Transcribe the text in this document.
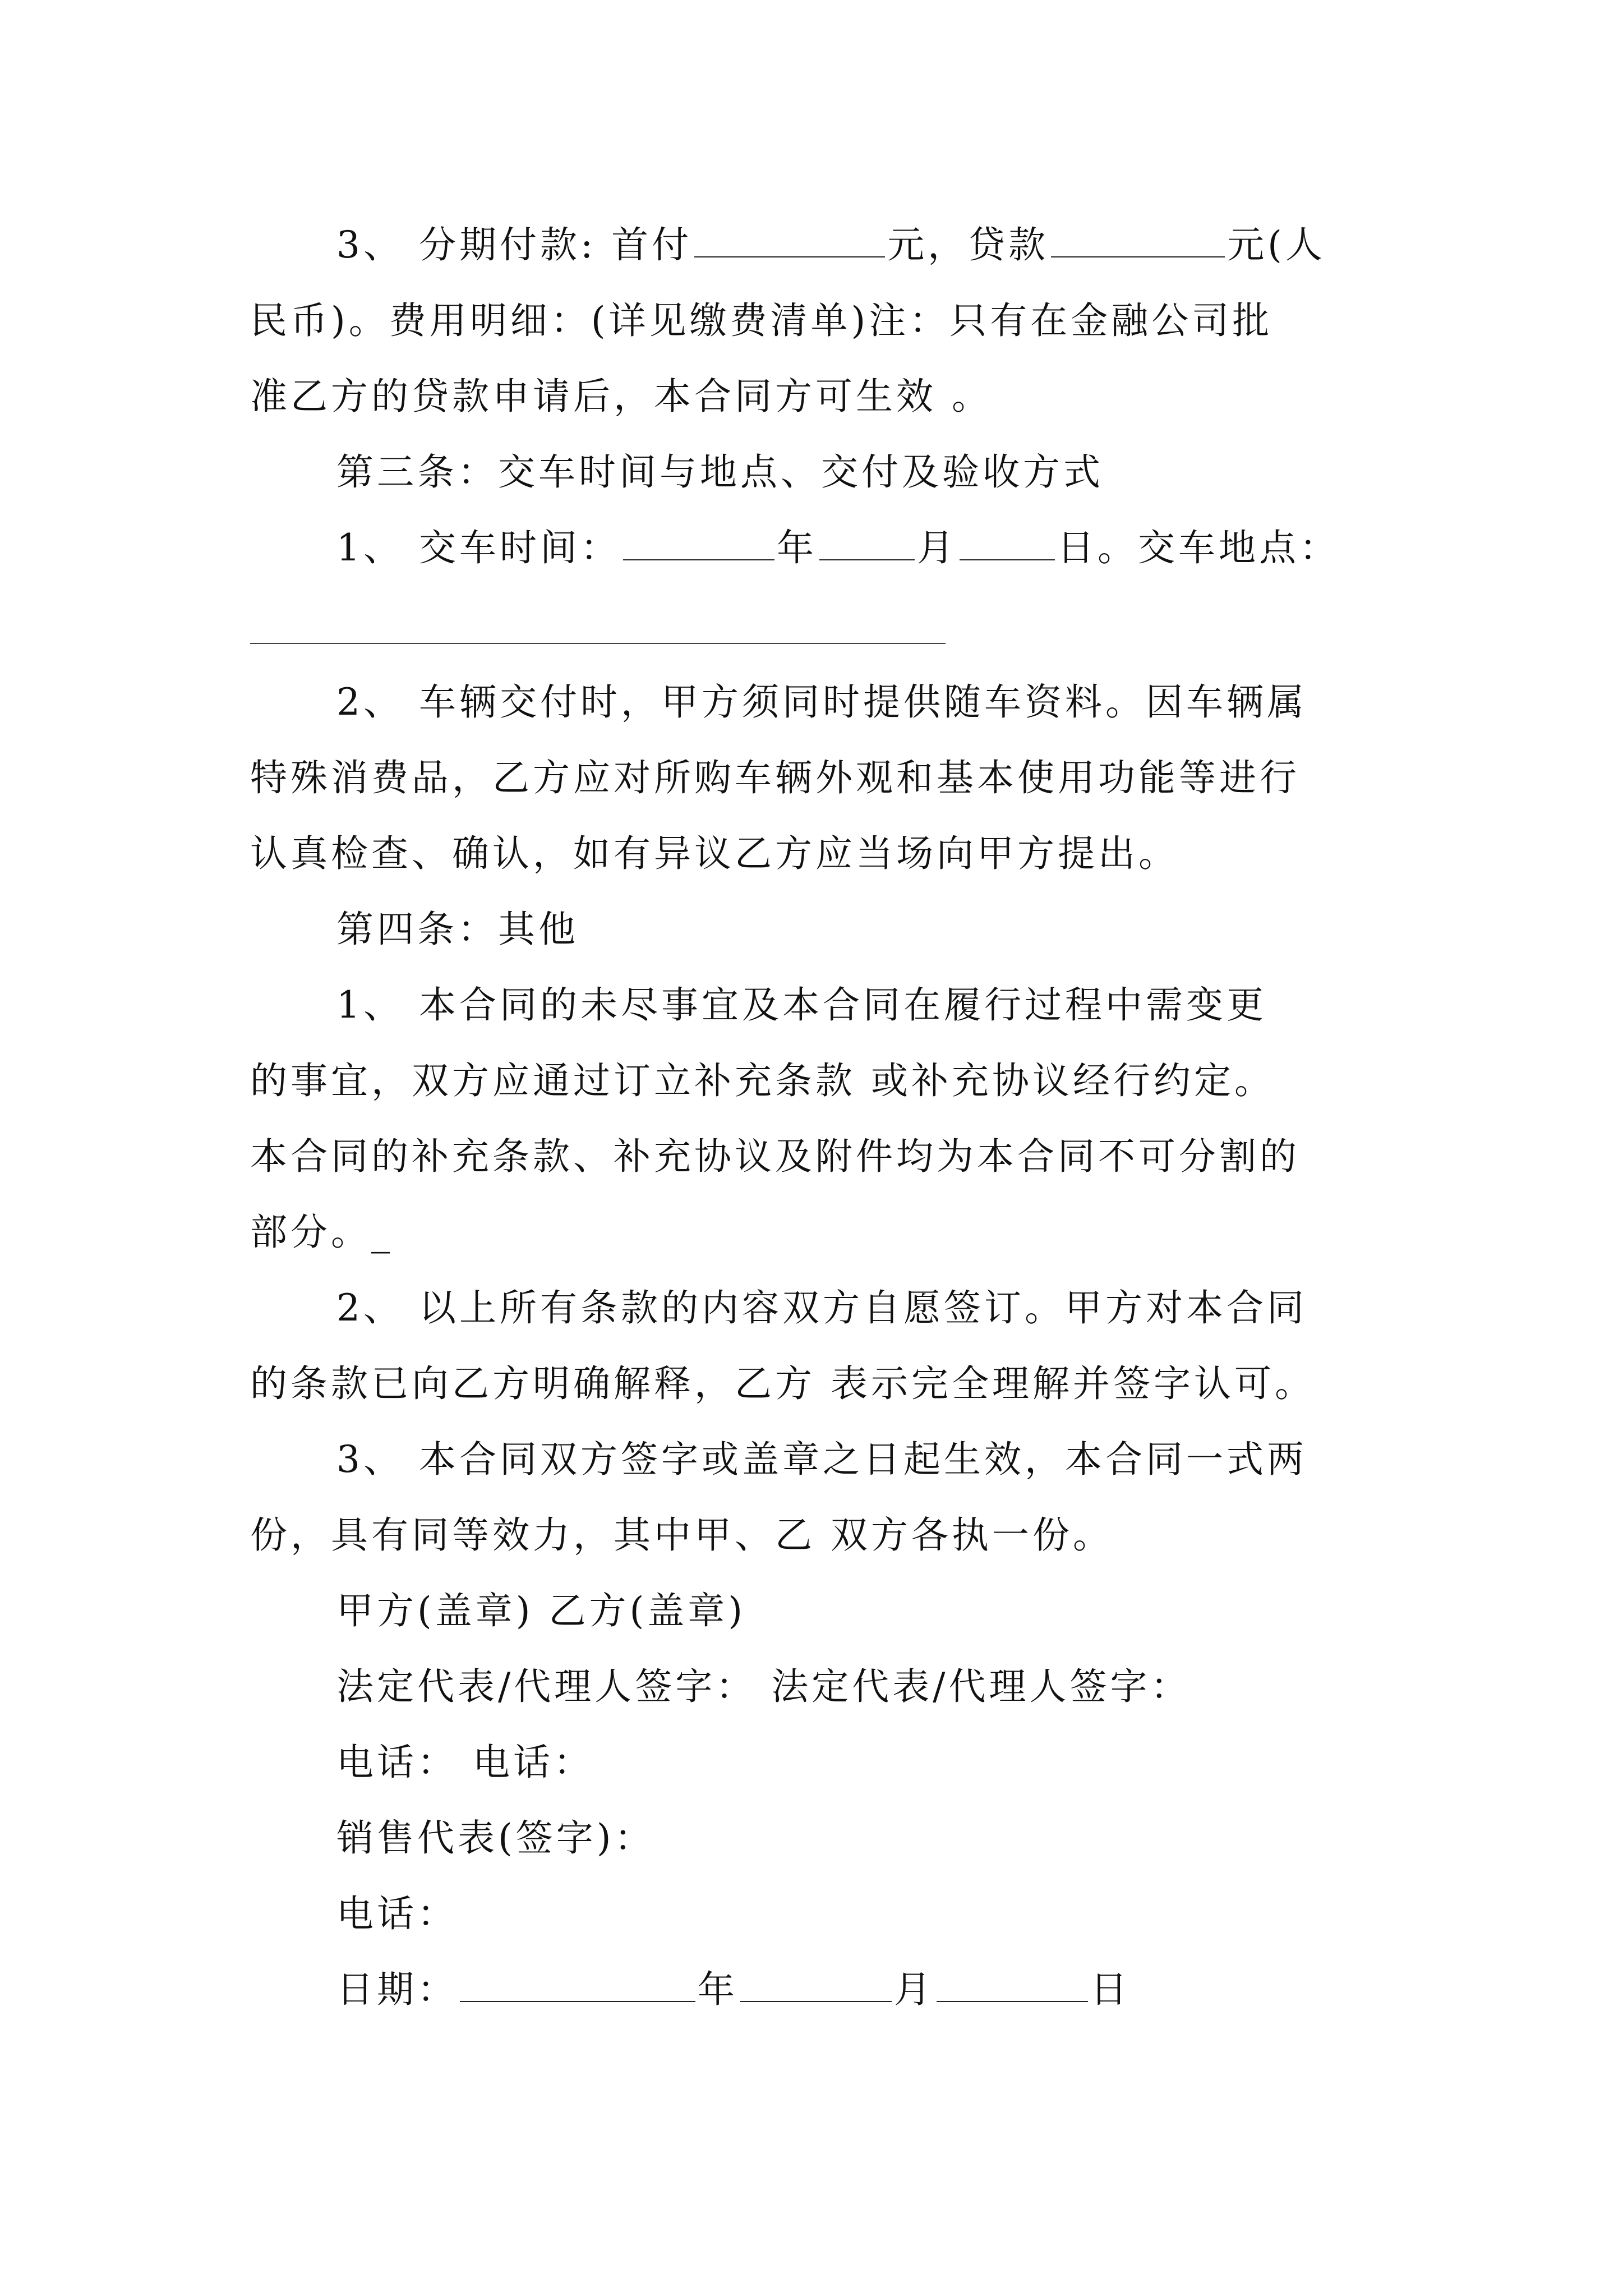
3、 分期付款: 首付	元，贷款	元(人
民币)。费用明细：(详见缴费清单)注：只有在金融公司批
准乙方的贷款申请后，本合同方可生效 。
第三条：交车时间与地点、交付及验收方式
1、 交车时间：	年	月	日。交车地点：
2、 车辆交付时，甲方须同时提供随车资料。因车辆属
特殊消费品，乙方应对所购车辆外观和基本使用功能等进行
认真检查、确认，如有异议乙方应当场向甲方提出。
第四条：其他
1、 本合同的未尽事宜及本合同在履行过程中需变更
的事宜，双方应通过订立补充条款 或补充协议经行约定。
本合同的补充条款、补充协议及附件均为本合同不可分割的
部分。_
2、 以上所有条款的内容双方自愿签订。甲方对本合同
的条款已向乙方明确解释，乙方 表示完全理解并签字认可。
3、 本合同双方签字或盖章之日起生效，本合同一式两
份，具有同等效力，其中甲、乙 双方各执一份。
甲方(盖章) 乙方(盖章)
法定代表/代理人签字： 法定代表/代理人签字：
电话： 电话：
销售代表(签字)：
电话：
日期：	年	月	日
